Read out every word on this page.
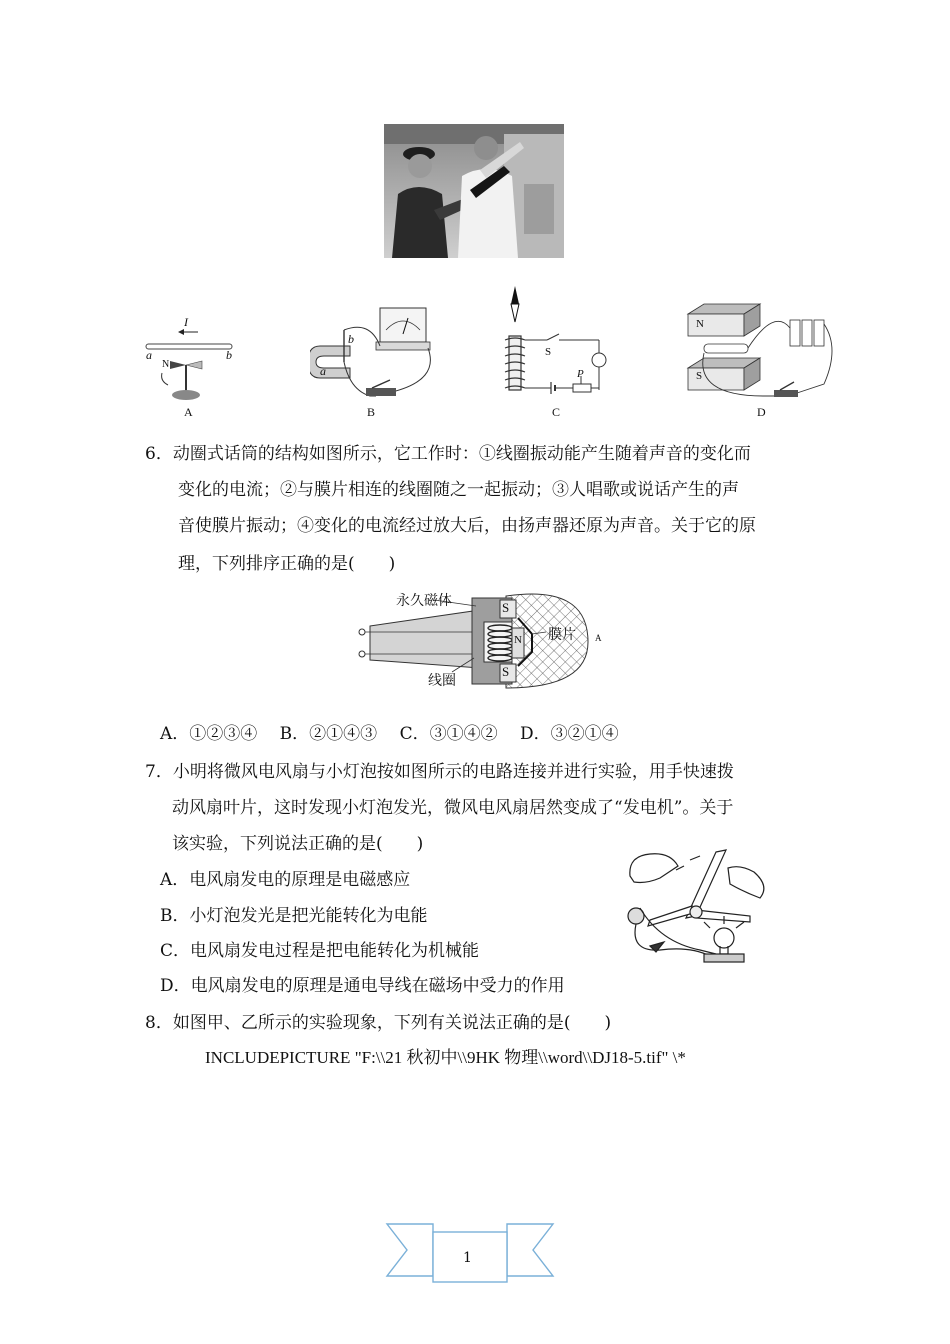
I
a	b
N
A
a
b
B
S
A
P
C
N
S
D
6．动圈式话筒的结构如图所示，它工作时：①线圈振动能产生随着声音的变化而
变化的电流；②与膜片相连的线圈随之一起振动；③人唱歌或说话产生的声
音使膜片振动；④变化的电流经过放大后，由扬声器还原为声音。关于它的原
理，下列排序正确的是(　　)
永久磁体
膜片
线圈
S
N
S
A．①②③④　 B．②①④③　 C．③①④②　 D．③②①④
7．小明将微风电风扇与小灯泡按如图所示的电路连接并进行实验，用手快速拨
动风扇叶片，这时发现小灯泡发光，微风电风扇居然变成了“发电机”。关于
该实验，下列说法正确的是(　　)
A．电风扇发电的原理是电磁感应
B．小灯泡发光是把光能转化为电能
C．电风扇发电过程是把电能转化为机械能
D．电风扇发电的原理是通电导线在磁场中受力的作用
8．如图甲、乙所示的实验现象，下列有关说法正确的是(　　)
INCLUDEPICTURE "F:\\21 秋初中\\9HK 物理\\word\\DJ18-5.tif" \*
1
